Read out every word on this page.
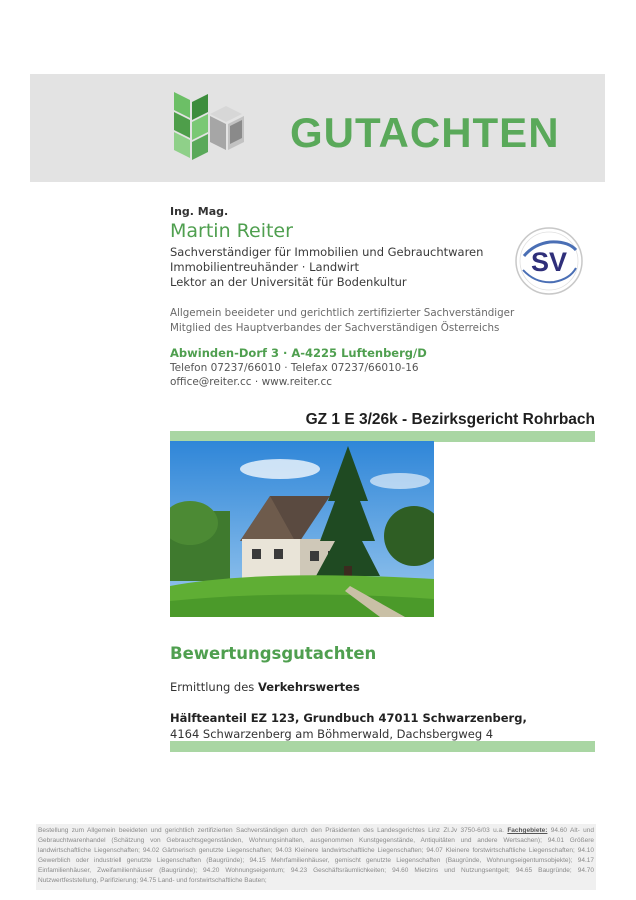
GUTACHTEN
Ing. Mag.
Martin Reiter
Sachverständiger für Immobilien und Gebrauchtwaren
Immobilientreuhänder · Landwirt
Lektor an der Universität für Bodenkultur
SV
Allgemein beeideter und gerichtlich zertifizierter Sachverständiger
Mitglied des Hauptverbandes der Sachverständigen Österreichs
Abwinden-Dorf 3 · A-4225 Luftenberg/D
Telefon 07237/66010 · Telefax 07237/66010-16
office@reiter.cc · www.reiter.cc
GZ 1 E 3/26k - Bezirksgericht Rohrbach
Bewertungsgutachten
Ermittlung des Verkehrswertes
Hälfteanteil EZ 123, Grundbuch 47011 Schwarzenberg,
4164 Schwarzenberg am Böhmerwald, Dachsbergweg 4
Bestellung zum Allgemein beeideten und gerichtlich zertifizierten Sachverständigen durch den Präsidenten des Landesgerichtes Linz Zl.Jv 3750-6/03 u.a. Fachgebiete: 94.60 Alt- und Gebrauchtwarenhandel (Schätzung von Gebrauchtsgegenständen, Wohnungsinhalten, ausgenommen Kunstgegenstände, Antiquitäten und andere Wertsachen); 94.01 Größere landwirtschaftliche Liegenschaften; 94.02 Gärtnerisch genutzte Liegenschaften; 94.03 Kleinere landwirtschaftliche Liegenschaften; 94.07 Kleinere forstwirtschaftliche Liegenschaften; 94.10 Gewerblich oder industriell genutzte Liegenschaften (Baugründe); 94.15 Mehrfamilienhäuser, gemischt genutzte Liegenschaften (Baugründe, Wohnungseigentumsobjekte); 94.17 Einfamilienhäuser, Zweifamilienhäuser (Baugründe); 94.20 Wohnungseigentum; 94.23 Geschäftsräumlichkeiten; 94.60 Mietzins und Nutzungsentgelt; 94.65 Baugründe; 94.70 Nutzwertfeststellung, Parifizierung; 94.75 Land- und forstwirtschaftliche Bauten;
